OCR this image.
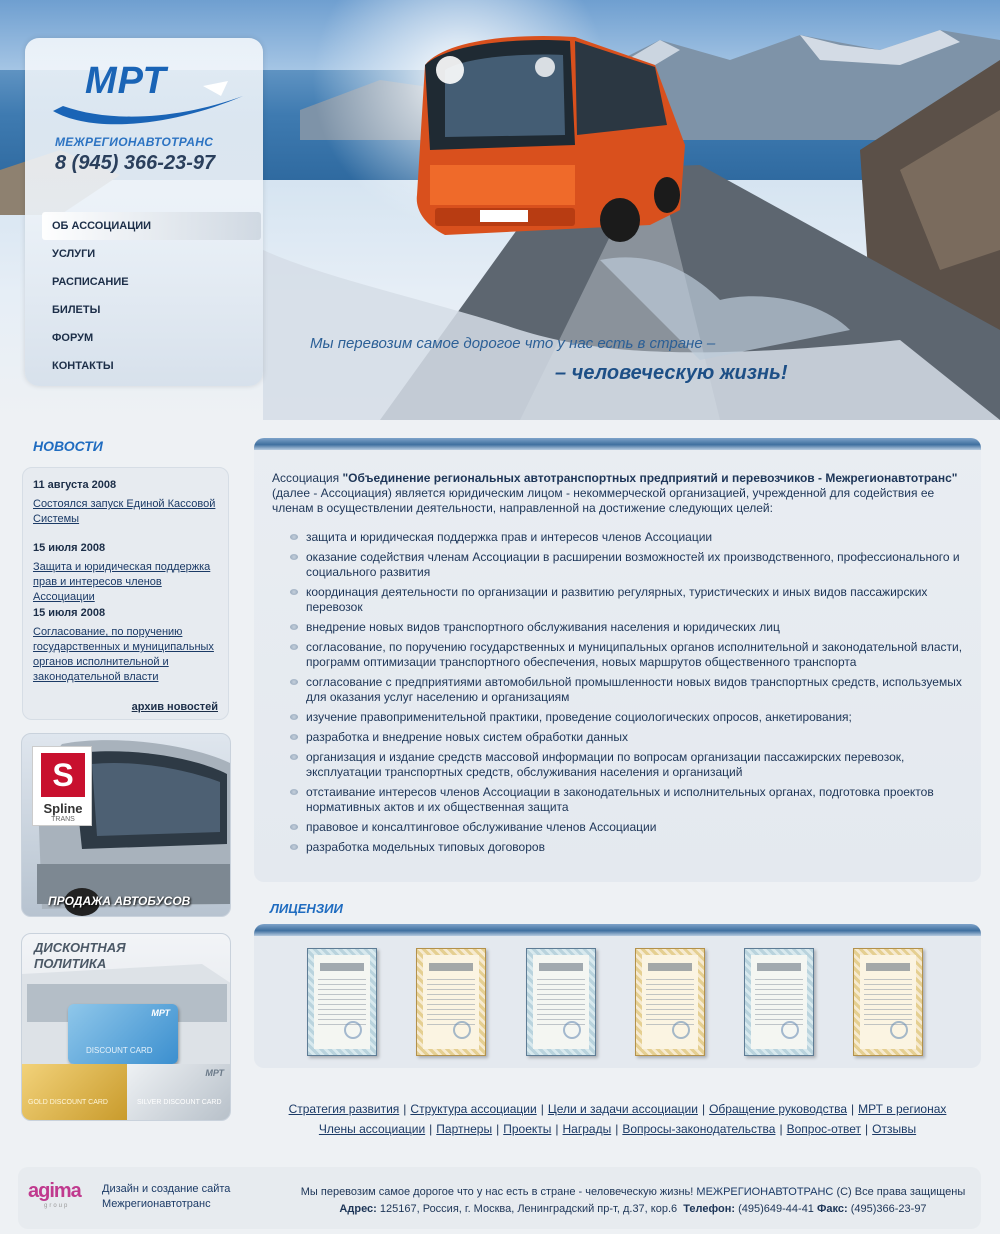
МРТ
МЕЖРЕГИОНАВТОТРАНС
8 (945) 366-23-97
ОБ АССОЦИАЦИИ
УСЛУГИ
РАСПИСАНИЕ
БИЛЕТЫ
ФОРУМ
КОНТАКТЫ
Мы перевозим самое дорогое что у нас есть в стране –
– человеческую жизнь!
НОВОСТИ
11 августа 2008
Состоялся запуск Единой Кассовой Системы
15 июля 2008
Защита и юридическая поддержка прав и интересов членов Ассоциации
15 июля 2008
Согласование, по поручению государственных и муниципальных органов исполнительной и законодательной власти
архив новостей
S
Spline
TRANS
ПРОДАЖА АВТОБУСОВ
ДИСКОНТНАЯ
ПОЛИТИКА
МРТ
DISCOUNT CARD
GOLD DISCOUNT CARD
МРТ
SILVER DISCOUNT CARD

Ассоциация "Объединение региональных автотранспортных предприятий и перевозчиков - Межрегионавтотранс" (далее - Ассоциация) является юридическим лицом - некоммерческой организацией, учрежденной для содействия ее членам в осуществлении деятельности, направленной на достижение следующих целей:

защита и юридическая поддержка прав и интересов членов Ассоциации
оказание содействия членам Ассоциации в расширении возможностей их производственного, профессионального и социального развития
координация деятельности по организации и развитию регулярных, туристических и иных видов пассажирских перевозок
внедрение новых видов транспортного обслуживания населения и юридических лиц
согласование, по поручению государственных и муниципальных органов исполнительной и законодательной власти, программ оптимизации транспортного обеспечения, новых маршрутов общественного транспорта
согласование с предприятиями автомобильной промышленности новых видов транспортных средств, используемых для оказания услуг населению и организациям
изучение правоприменительной практики, проведение социологических опросов, анкетирования;
разработка и внедрение новых систем обработки данных
организация и издание средств массовой информации по вопросам организации пассажирских перевозок, эксплуатации транспортных средств, обслуживания населения и организаций
отстаивание интересов членов Ассоциации в законодательных и исполнительных органах, подготовка проектов нормативных актов и их общественная защита
правовое и консалтинговое обслуживание членов Ассоциации
разработка модельных типовых договоров
ЛИЦЕНЗИИ
Стратегия развития | Структура ассоциации | Цели и задачи ассоциации | Обращение руководства | МРТ в регионах
Члены ассоциации | Партнеры | Проекты | Награды | Вопросы-законодательства | Вопрос-ответ | Отзывы
agima
group
Дизайн и создание сайта
Межрегионавтотранс
Мы перевозим самое дорогое что у нас есть в стране - человеческую жизнь! МЕЖРЕГИОНАВТОТРАНС (С) Все права защищены
Адрес: 125167, Россия, г. Москва, Ленинградский пр-т, д.37, кор.6 Телефон: (495)649-44-41 Факс: (495)366-23-97
